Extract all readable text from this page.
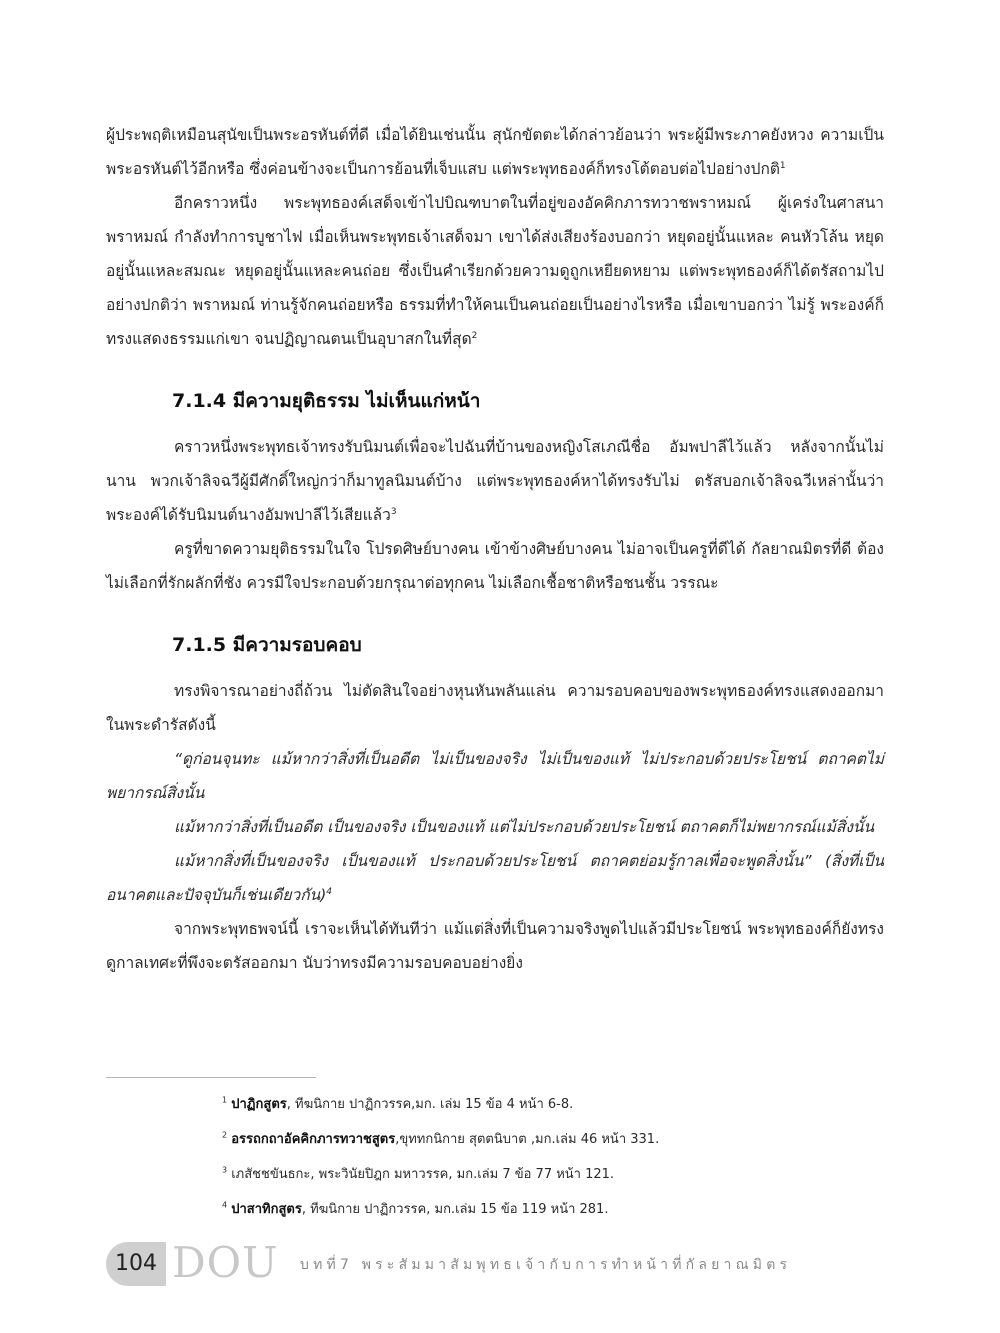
ผู้ประพฤติเหมือนสุนัขเป็นพระอรหันต์ที่ดี เมื่อได้ยินเช่นนั้น สุนักขัตตะได้กล่าวย้อนว่า พระผู้มีพระภาคยังหวง ความเป็นพระอรหันต์ไว้อีกหรือ ซึ่งค่อนข้างจะเป็นการย้อนที่เจ็บแสบ แต่พระพุทธองค์ก็ทรงโต้ตอบต่อไปอย่างปกติ$^1$

อีกคราวหนึ่ง พระพุทธองค์เสด็จเข้าไปบิณฑบาตในที่อยู่ของอัคคิกภารทวาชพราหมณ์ ผู้เคร่งในศาสนาพราหมณ์ กำลังทำการบูชาไฟ เมื่อเห็นพระพุทธเจ้าเสด็จมา เขาได้ส่งเสียงร้องบอกว่า หยุดอยู่นั้นแหละ คนหัวโล้น หยุดอยู่นั้นแหละสมณะ หยุดอยู่นั้นแหละคนถ่อย ซึ่งเป็นคำเรียกด้วยความดูถูกเหยียดหยาม แต่พระพุทธองค์ก็ได้ตรัสถามไปอย่างปกติว่า พราหมณ์ ท่านรู้จักคนถ่อยหรือ ธรรมที่ทำให้คนเป็นคนถ่อยเป็นอย่างไรหรือ เมื่อเขาบอกว่า ไม่รู้ พระองค์ก็ทรงแสดงธรรมแก่เขา จนปฏิญาณตนเป็นอุบาสกในที่สุด$^2$

7.1.4 มีความยุติธรรม ไม่เห็นแก่หน้า

คราวหนึ่งพระพุทธเจ้าทรงรับนิมนต์เพื่อจะไปฉันที่บ้านของหญิงโสเภณีชื่อ อัมพปาลีไว้แล้ว หลังจากนั้นไม่นาน พวกเจ้าลิจฉวีผู้มีศักดิ์ใหญ่กว่าก็มาทูลนิมนต์บ้าง แต่พระพุทธองค์หาได้ทรงรับไม่ ตรัสบอกเจ้าลิจฉวีเหล่านั้นว่า พระองค์ได้รับนิมนต์นางอัมพปาลีไว้เสียแล้ว$^3$

ครูที่ขาดความยุติธรรมในใจ โปรดศิษย์บางคน เข้าข้างศิษย์บางคน ไม่อาจเป็นครูที่ดีได้ กัลยาณมิตรที่ดี ต้องไม่เลือกที่รักผลักที่ชัง ควรมีใจประกอบด้วยกรุณาต่อทุกคน ไม่เลือกเชื้อชาติหรือชนชั้น วรรณะ

7.1.5 มีความรอบคอบ

ทรงพิจารณาอย่างถี่ถ้วน ไม่ตัดสินใจอย่างหุนหันพลันแล่น ความรอบคอบของพระพุทธองค์ทรงแสดงออกมาในพระดำรัสดังนี้

“ดูก่อนจุนทะ แม้หากว่าสิ่งที่เป็นอดีต ไม่เป็นของจริง ไม่เป็นของแท้ ไม่ประกอบด้วยประโยชน์ ตถาคตไม่พยากรณ์สิ่งนั้น

แม้หากว่าสิ่งที่เป็นอดีต เป็นของจริง เป็นของแท้ แต่ไม่ประกอบด้วยประโยชน์ ตถาคตก็ไม่พยากรณ์แม้สิ่งนั้น

แม้หากสิ่งที่เป็นของจริง เป็นของแท้ ประกอบด้วยประโยชน์ ตถาคตย่อมรู้กาลเพื่อจะพูดสิ่งนั้น” (สิ่งที่เป็นอนาคตและปัจจุบันก็เช่นเดียวกัน)$^4$

จากพระพุทธพจน์นี้ เราจะเห็นได้ทันทีว่า แม้แต่สิ่งที่เป็นความจริงพูดไปแล้วมีประโยชน์ พระพุทธองค์ก็ยังทรงดูกาลเทศะที่พึงจะตรัสออกมา นับว่าทรงมีความรอบคอบอย่างยิ่ง

$^1$ ปาฏิกสูตร, ทีฆนิกาย ปาฏิกวรรค,มก. เล่ม 15 ข้อ 4 หน้า 6-8.
$^2$ อรรถกถาอัคคิกภารทวาชสูตร,ขุททกนิกาย สุตตนิบาต ,มก.เล่ม 46 หน้า 331.
$^3$ เภสัชชขันธกะ, พระวินัยปิฎก มหาวรรค, มก.เล่ม 7 ข้อ 77 หน้า 121.
$^4$ ปาสาทิกสูตร, ทีฆนิกาย ปาฏิกวรรค, มก.เล่ม 15 ข้อ 119 หน้า 281.
104 DOU บทที่7 พระสัมมาสัมพุทธเจ้ากับการทำหน้าที่กัลยาณมิตร
